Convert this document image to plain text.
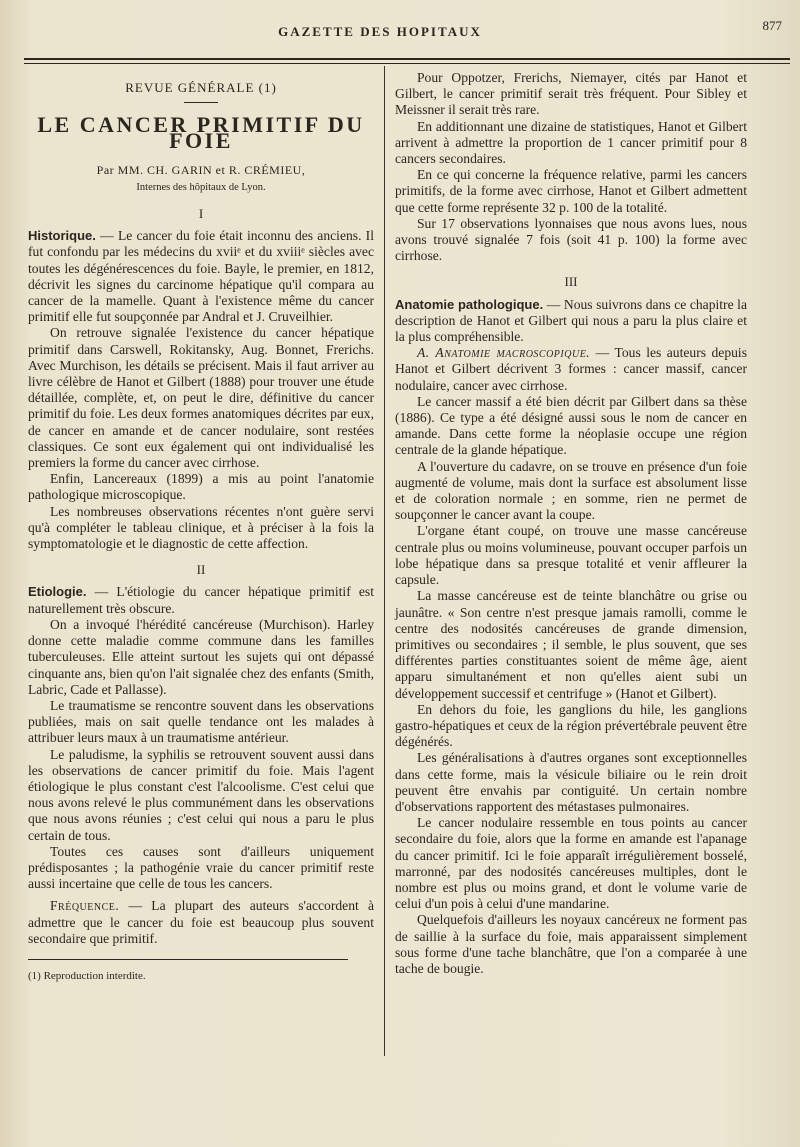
GAZETTE DES HOPITAUX	877
REVUE GÉNÉRALE (1)
LE CANCER PRIMITIF DU FOIE
Par MM. CH. GARIN et R. CRÉMIEU,
Internes des hôpitaux de Lyon.
I

Historique. — Le cancer du foie était inconnu des anciens. Il fut confondu par les médecins du xviiᵉ et du xviiiᵉ siècles avec toutes les dégénérescences du foie. Bayle, le premier, en 1812, décrivit les signes du carcinome hépatique qu'il compara au cancer de la mamelle. Quant à l'existence même du cancer primitif elle fut soupçonnée par Andral et J. Cruveilhier.

On retrouve signalée l'existence du cancer hépatique primitif dans Carswell, Rokitansky, Aug. Bonnet, Frerichs. Avec Murchison, les détails se précisent. Mais il faut arriver au livre célèbre de Hanot et Gilbert (1888) pour trouver une étude détaillée, complète, et, on peut le dire, définitive du cancer primitif du foie. Les deux formes anatomiques décrites par eux, de cancer en amande et de cancer nodulaire, sont restées classiques. Ce sont eux également qui ont individualisé les premiers la forme du cancer avec cirrhose.

Enfin, Lancereaux (1899) a mis au point l'anatomie pathologique microscopique.

Les nombreuses observations récentes n'ont guère servi qu'à compléter le tableau clinique, et à préciser à la fois la symptomatologie et le diagnostic de cette affection.

II

Etiologie. — L'étiologie du cancer hépatique primitif est naturellement très obscure.

On a invoqué l'hérédité cancéreuse (Murchison). Harley donne cette maladie comme commune dans les familles tuberculeuses. Elle atteint surtout les sujets qui ont dépassé cinquante ans, bien qu'on l'ait signalée chez des enfants (Smith, Labric, Cade et Pallasse).

Le traumatisme se rencontre souvent dans les observations publiées, mais on sait quelle tendance ont les malades à attribuer leurs maux à un traumatisme antérieur.

Le paludisme, la syphilis se retrouvent souvent aussi dans les observations de cancer primitif du foie. Mais l'agent étiologique le plus constant c'est l'alcoolisme. C'est celui que nous avons relevé le plus communément dans les observations que nous avons réunies ; c'est celui qui nous a paru le plus certain de tous.

Toutes ces causes sont d'ailleurs uniquement prédisposantes ; la pathogénie vraie du cancer primitif reste aussi incertaine que celle de tous les cancers.

Fréquence. — La plupart des auteurs s'accordent à admettre que le cancer du foie est beaucoup plus souvent secondaire que primitif.

(1) Reproduction interdite.

Pour Oppotzer, Frerichs, Niemayer, cités par Hanot et Gilbert, le cancer primitif serait très fréquent. Pour Sibley et Meissner il serait très rare.

En additionnant une dizaine de statistiques, Hanot et Gilbert arrivent à admettre la proportion de 1 cancer primitif pour 8 cancers secondaires.

En ce qui concerne la fréquence relative, parmi les cancers primitifs, de la forme avec cirrhose, Hanot et Gilbert admettent que cette forme représente 32 p. 100 de la totalité.

Sur 17 observations lyonnaises que nous avons lues, nous avons trouvé signalée 7 fois (soit 41 p. 100) la forme avec cirrhose.

III

Anatomie pathologique. — Nous suivrons dans ce chapitre la description de Hanot et Gilbert qui nous a paru la plus claire et la plus compréhensible.

A. Anatomie macroscopique. — Tous les auteurs depuis Hanot et Gilbert décrivent 3 formes : cancer massif, cancer nodulaire, cancer avec cirrhose.

Le cancer massif a été bien décrit par Gilbert dans sa thèse (1886). Ce type a été désigné aussi sous le nom de cancer en amande. Dans cette forme la néoplasie occupe une région centrale de la glande hépatique.

A l'ouverture du cadavre, on se trouve en présence d'un foie augmenté de volume, mais dont la surface est absolument lisse et de coloration normale ; en somme, rien ne permet de soupçonner le cancer avant la coupe.

L'organe étant coupé, on trouve une masse cancéreuse centrale plus ou moins volumineuse, pouvant occuper parfois un lobe hépatique dans sa presque totalité et venir affleurer la capsule.

La masse cancéreuse est de teinte blanchâtre ou grise ou jaunâtre. « Son centre n'est presque jamais ramolli, comme le centre des nodosités cancéreuses de grande dimension, primitives ou secondaires ; il semble, le plus souvent, que ses différentes parties constituantes soient de même âge, aient apparu simultanément et non qu'elles aient subi un développement successif et centrifuge » (Hanot et Gilbert).

En dehors du foie, les ganglions du hile, les ganglions gastro-hépatiques et ceux de la région prévertébrale peuvent être dégénérés.

Les généralisations à d'autres organes sont exceptionnelles dans cette forme, mais la vésicule biliaire ou le rein droit peuvent être envahis par contiguité. Un certain nombre d'observations rapportent des métastases pulmonaires.

Le cancer nodulaire ressemble en tous points au cancer secondaire du foie, alors que la forme en amande est l'apanage du cancer primitif. Ici le foie apparaît irrégulièrement bosselé, marronné, par des nodosités cancéreuses multiples, dont le nombre est plus ou moins grand, et dont le volume varie de celui d'un pois à celui d'une mandarine.

Quelquefois d'ailleurs les noyaux cancéreux ne forment pas de saillie à la surface du foie, mais apparaissent simplement sous forme d'une tache blanchâtre, que l'on a comparée à une tache de bougie.
